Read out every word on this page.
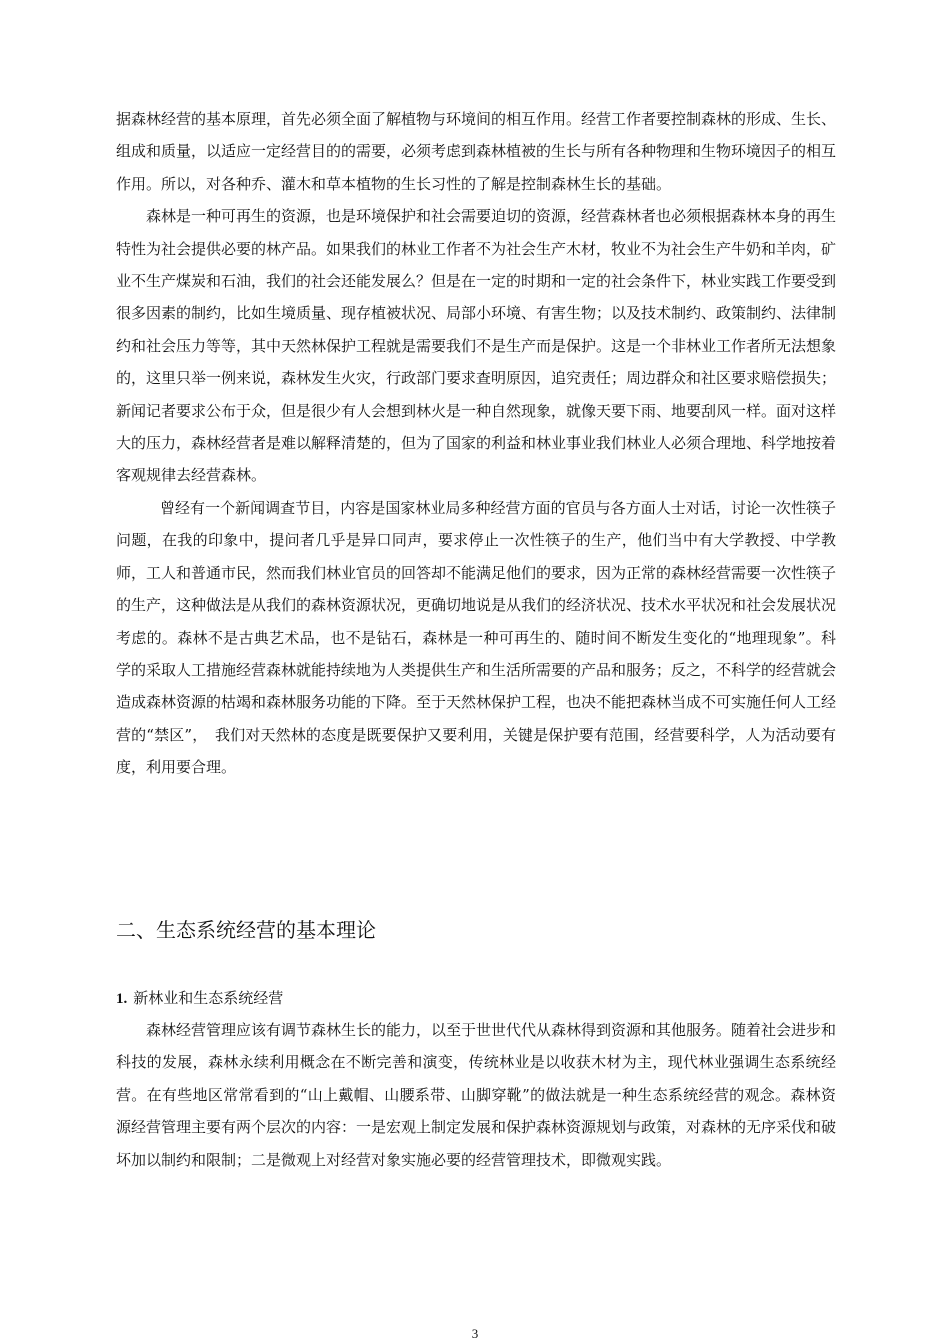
据森林经营的基本原理，首先必须全面了解植物与环境间的相互作用。经营工作者要控制森林的形成、生长、组成和质量，以适应一定经营目的的需要，必须考虑到森林植被的生长与所有各种物理和生物环境因子的相互作用。所以，对各种乔、灌木和草本植物的生长习性的了解是控制森林生长的基础。

森林是一种可再生的资源，也是环境保护和社会需要迫切的资源，经营森林者也必须根据森林本身的再生特性为社会提供必要的林产品。如果我们的林业工作者不为社会生产木材，牧业不为社会生产牛奶和羊肉，矿业不生产煤炭和石油，我们的社会还能发展么？但是在一定的时期和一定的社会条件下，林业实践工作要受到很多因素的制约，比如生境质量、现存植被状况、局部小环境、有害生物；以及技术制约、政策制约、法律制约和社会压力等等，其中天然林保护工程就是需要我们不是生产而是保护。这是一个非林业工作者所无法想象的，这里只举一例来说，森林发生火灾，行政部门要求查明原因，追究责任；周边群众和社区要求赔偿损失；新闻记者要求公布于众，但是很少有人会想到林火是一种自然现象，就像天要下雨、地要刮风一样。面对这样大的压力，森林经营者是难以解释清楚的，但为了国家的利益和林业事业我们林业人必须合理地、科学地按着客观规律去经营森林。

曾经有一个新闻调查节目，内容是国家林业局多种经营方面的官员与各方面人士对话，讨论一次性筷子问题，在我的印象中，提问者几乎是异口同声，要求停止一次性筷子的生产，他们当中有大学教授、中学教师，工人和普通市民，然而我们林业官员的回答却不能满足他们的要求，因为正常的森林经营需要一次性筷子的生产，这种做法是从我们的森林资源状况，更确切地说是从我们的经济状况、技术水平状况和社会发展状况考虑的。森林不是古典艺术品，也不是钻石，森林是一种可再生的、随时间不断发生变化的“地理现象”。科学的采取人工措施经营森林就能持续地为人类提供生产和生活所需要的产品和服务；反之，不科学的经营就会造成森林资源的枯竭和森林服务功能的下降。至于天然林保护工程，也决不能把森林当成不可实施任何人工经营的“禁区”，　我们对天然林的态度是既要保护又要利用，关键是保护要有范围，经营要科学，人为活动要有度，利用要合理。

二、生态系统经营的基本理论
1. 新林业和生态系统经营

森林经营管理应该有调节森林生长的能力，以至于世世代代从森林得到资源和其他服务。随着社会进步和科技的发展，森林永续利用概念在不断完善和演变，传统林业是以收获木材为主，现代林业强调生态系统经营。在有些地区常常看到的“山上戴帽、山腰系带、山脚穿靴”的做法就是一种生态系统经营的观念。森林资源经营管理主要有两个层次的内容：一是宏观上制定发展和保护森林资源规划与政策，对森林的无序采伐和破坏加以制约和限制；二是微观上对经营对象实施必要的经营管理技术，即微观实践。

3
